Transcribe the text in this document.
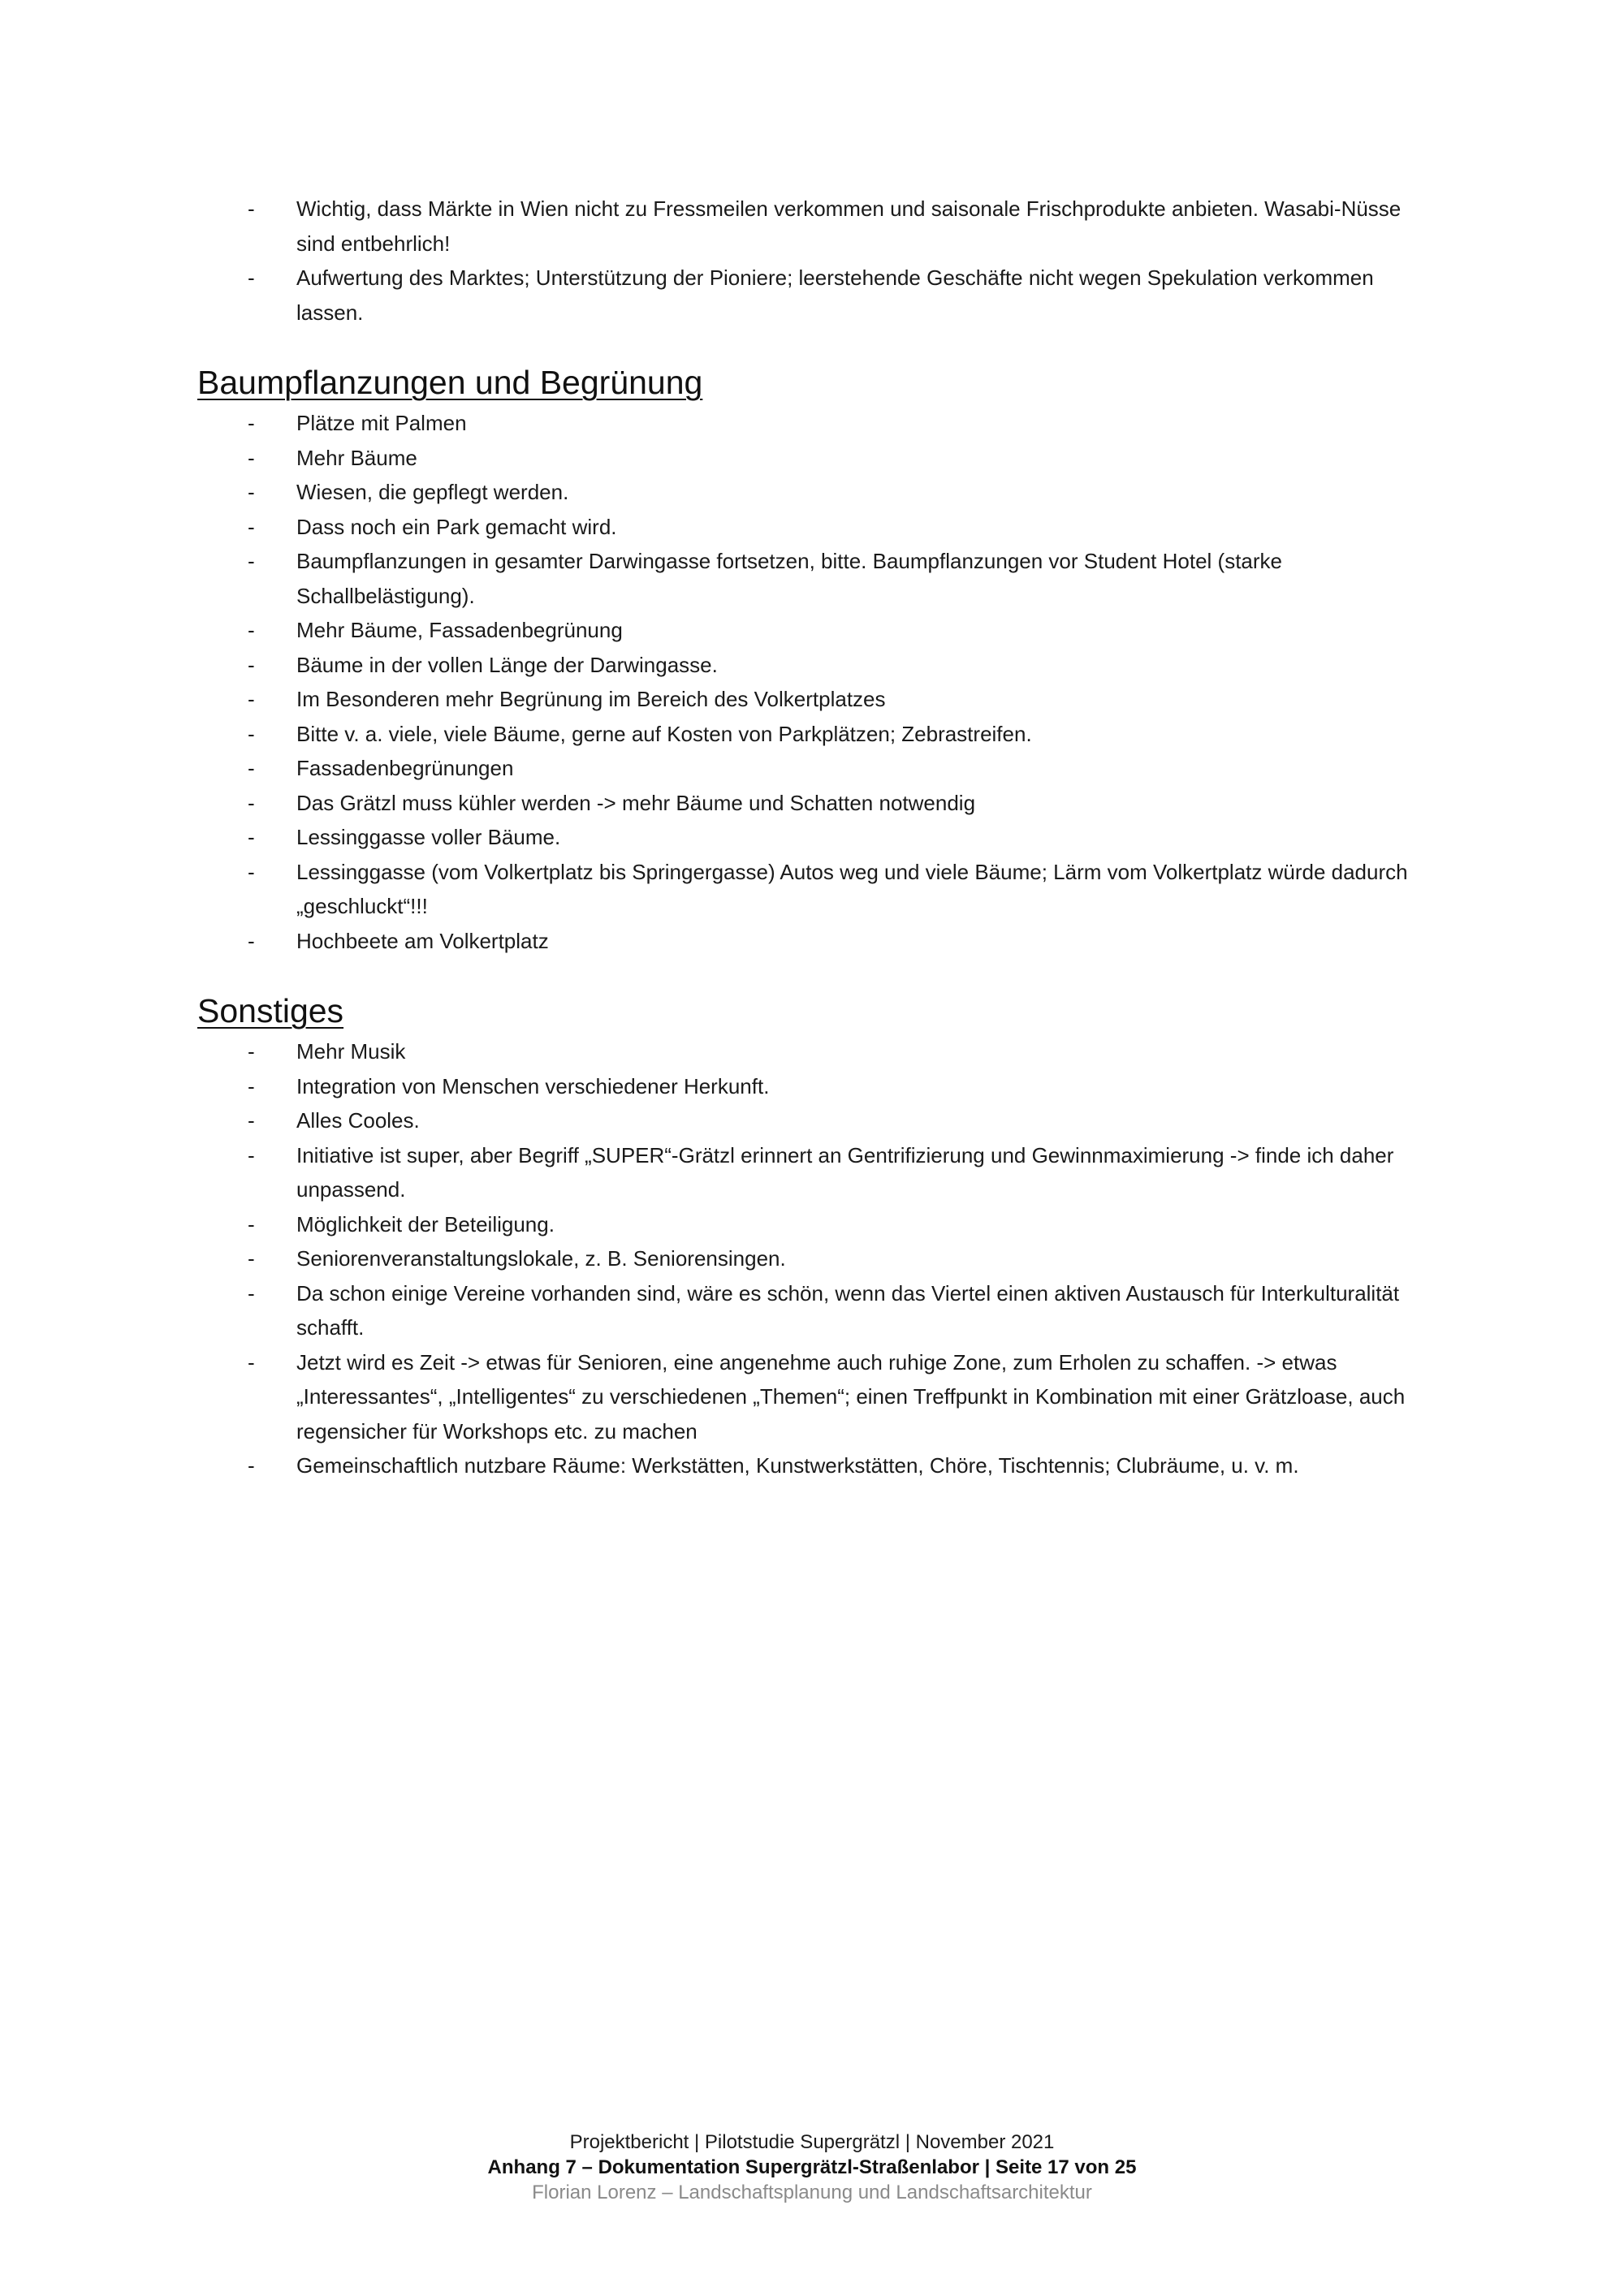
- Wichtig, dass Märkte in Wien nicht zu Fressmeilen verkommen und saisonale Frischprodukte anbieten. Wasabi-Nüsse sind entbehrlich!
- Aufwertung des Marktes; Unterstützung der Pioniere; leerstehende Geschäfte nicht wegen Spekulation verkommen lassen.
Baumpflanzungen und Begrünung
- Plätze mit Palmen
- Mehr Bäume
- Wiesen, die gepflegt werden.
- Dass noch ein Park gemacht wird.
- Baumpflanzungen in gesamter Darwingasse fortsetzen, bitte. Baumpflanzungen vor Student Hotel (starke Schallbelästigung).
- Mehr Bäume, Fassadenbegrünung
- Bäume in der vollen Länge der Darwingasse.
- Im Besonderen mehr Begrünung im Bereich des Volkertplatzes
- Bitte v. a. viele, viele Bäume, gerne auf Kosten von Parkplätzen; Zebrastreifen.
- Fassadenbegrünungen
- Das Grätzl muss kühler werden -> mehr Bäume und Schatten notwendig
- Lessinggasse voller Bäume.
- Lessinggasse (vom Volkertplatz bis Springergasse) Autos weg und viele Bäume; Lärm vom Volkertplatz würde dadurch „geschluckt“!!!
- Hochbeete am Volkertplatz
Sonstiges
- Mehr Musik
- Integration von Menschen verschiedener Herkunft.
- Alles Cooles.
- Initiative ist super, aber Begriff „SUPER“-Grätzl erinnert an Gentrifizierung und Gewinnmaximierung -> finde ich daher unpassend.
- Möglichkeit der Beteiligung.
- Seniorenveranstaltungslokale, z. B. Seniorensingen.
- Da schon einige Vereine vorhanden sind, wäre es schön, wenn das Viertel einen aktiven Austausch für Interkulturalität schafft.
- Jetzt wird es Zeit -> etwas für Senioren, eine angenehme auch ruhige Zone, zum Erholen zu schaffen. -> etwas „Interessantes“, „Intelligentes“ zu verschiedenen „Themen“; einen Treffpunkt in Kombination mit einer Grätzloase, auch regensicher für Workshops etc. zu machen
- Gemeinschaftlich nutzbare Räume: Werkstätten, Kunstwerkstätten, Chöre, Tischtennis; Clubräume, u. v. m.
Projektbericht | Pilotstudie Supergrätzl | November 2021
Anhang 7 – Dokumentation Supergrätzl-Straßenlabor | Seite 17 von 25
Florian Lorenz – Landschaftsplanung und Landschaftsarchitektur
